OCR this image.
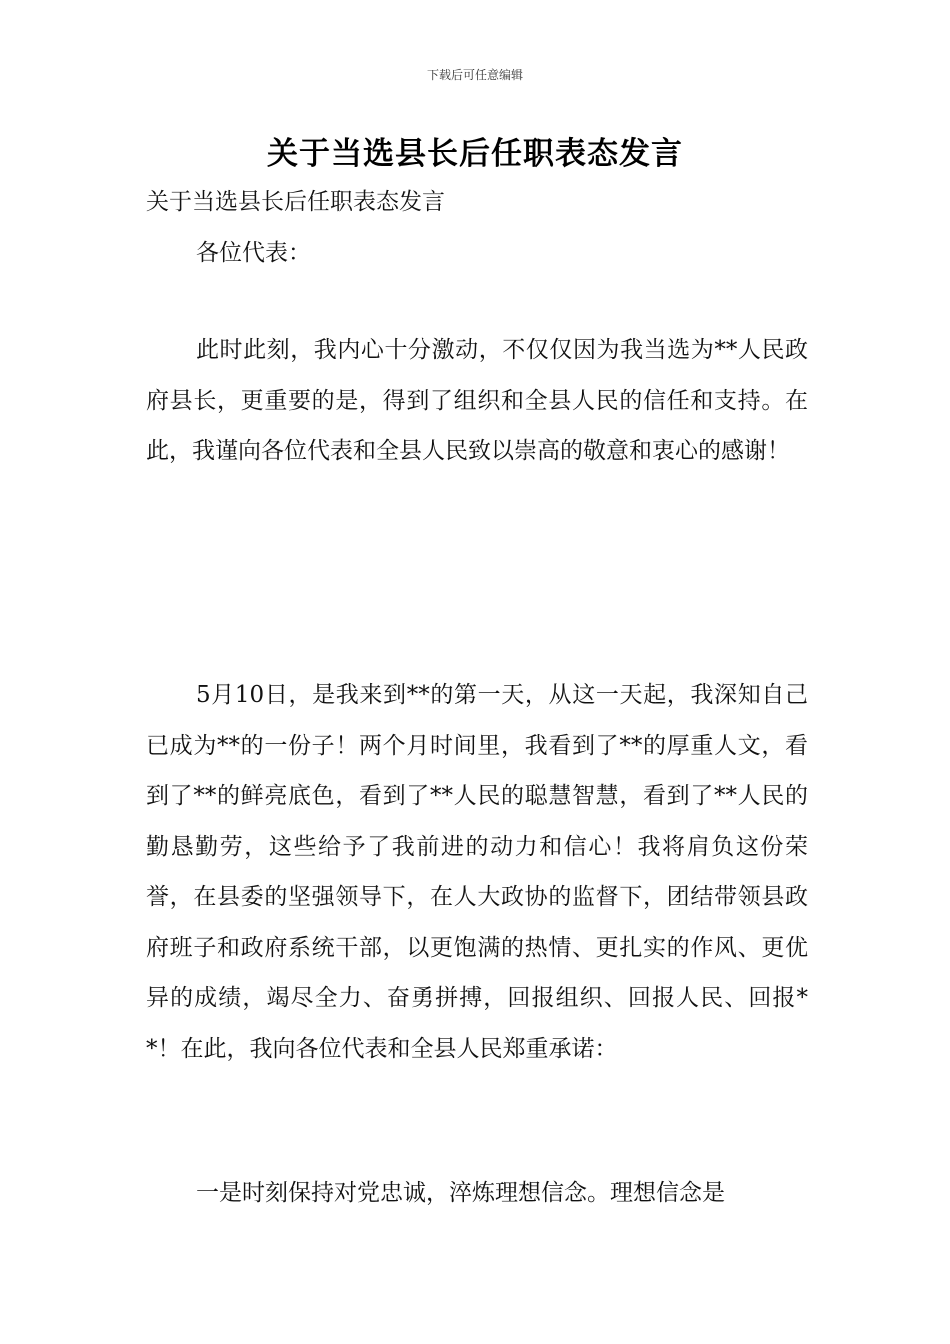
下载后可任意编辑
关于当选县长后任职表态发言
关于当选县长后任职表态发言
各位代表：

此时此刻，我内心十分激动，不仅仅因为我当选为**人民政府县长，更重要的是，得到了组织和全县人民的信任和支持。在此，我谨向各位代表和全县人民致以崇高的敬意和衷心的感谢！

5月10日，是我来到**的第一天，从这一天起，我深知自己已成为**的一份子！两个月时间里，我看到了**的厚重人文，看到了**的鲜亮底色，看到了**人民的聪慧智慧，看到了**人民的勤恳勤劳，这些给予了我前进的动力和信心！我将肩负这份荣誉，在县委的坚强领导下，在人大政协的监督下，团结带领县政府班子和政府系统干部，以更饱满的热情、更扎实的作风、更优异的成绩，竭尽全力、奋勇拼搏，回报组织、回报人民、回报**！在此，我向各位代表和全县人民郑重承诺：

一是时刻保持对党忠诚，淬炼理想信念。理想信念是
